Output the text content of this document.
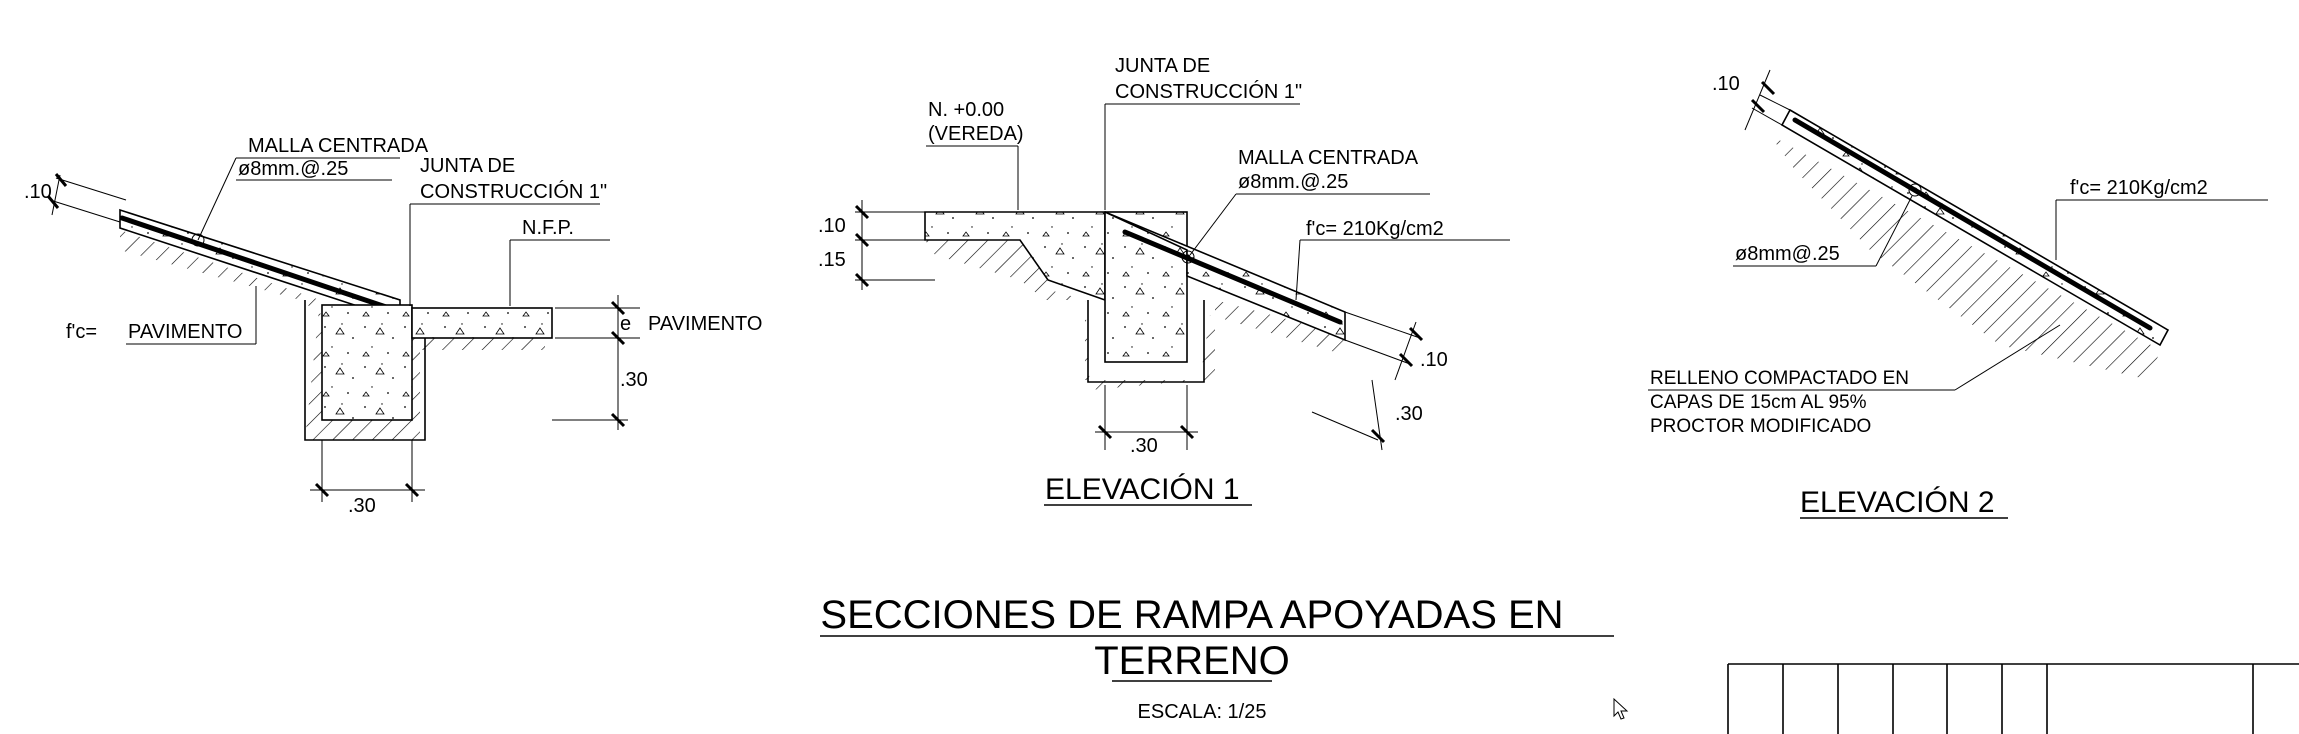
.10
MALLA CENTRADA
ø8mm.@.25	JUNTA DE
CONSTRUCCIÓN 1"
N.F.P.
f'c= PAVIMENTO	e PAVIMENTO
.30
.30
.10
.15
N. +0.00
(VEREDA)
JUNTA DE
CONSTRUCCIÓN 1"
MALLA CENTRADA
ø8mm.@.25
f'c= 210Kg/cm2
.10
.30
.30
ELEVACIÓN 1
.10
f'c= 210Kg/cm2
ø8mm@.25
RELLENO COMPACTADO EN
CAPAS DE 15cm AL 95%
PROCTOR MODIFICADO
ELEVACIÓN 2
SECCIONES DE RAMPA APOYADAS EN
TERRENO
ESCALA: 1/25
